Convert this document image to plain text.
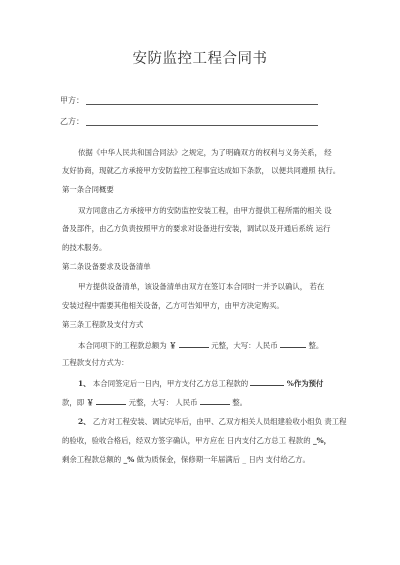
安防监控工程合同书
甲方：
乙方：
依据《中华人民共和国合同法》之规定，为了明确双方的权利与义务关系， 经
友好协商，现就乙方承接甲方安防监控工程事宜达成如下条款， 以便共同遵照 执行。
第一条合同概要
双方同意由乙方承接甲方的安防监控安装工程，由甲方提供工程所需的相关 设
备及部件，由乙方负责按照甲方的要求对设备进行安装，调试以及开通后系统 运行
的技术服务。
第二条设备要求及设备清单
甲方提供设备清单，该设备清单由双方在签订本合同时一并予以确认， 若在
安装过程中需要其他相关设备，乙方可告知甲方，由甲方决定购买。
第三条工程款及支付方式
本合同项下的工程款总额为 ￥	元整，大写：人民币	整。
工程款支付方式为：
1、 本合同签定后一日内，甲方支付乙方总工程款的	%作为预付
款，即 ￥	元整，大写： 人民币	整。
2、 乙方对工程安装、调试完毕后，由甲、乙双方相关人员组建验收小组负 责工程
的验收，验收合格后，经双方签字确认，甲方应在 日内支付乙方总工 程款的 _%，
剩余工程款总额的 _% 做为质保金，保修期一年届满后 _ 日内 支付给乙方。
